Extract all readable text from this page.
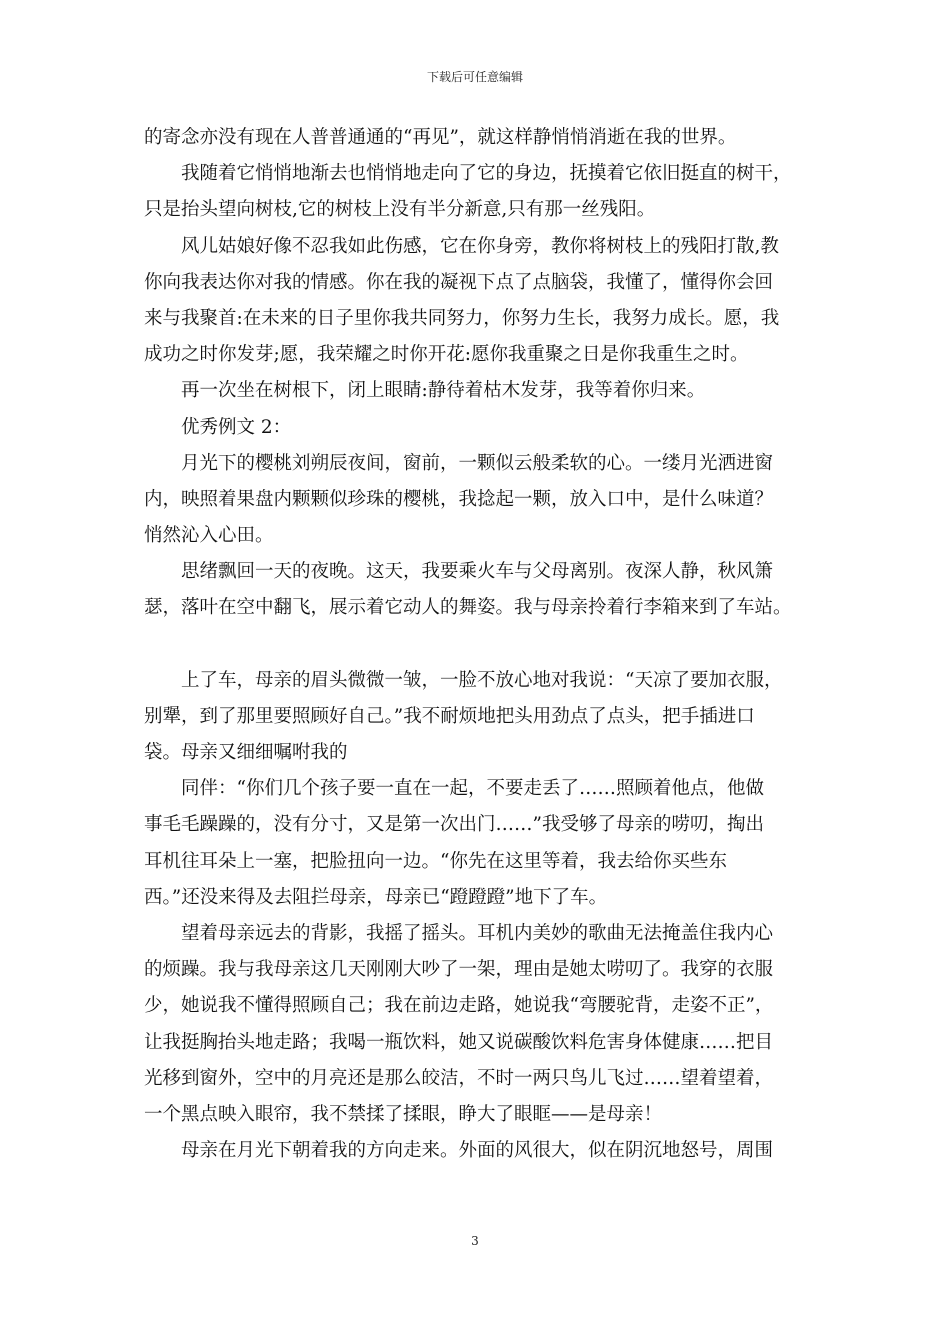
下载后可任意编辑
的寄念亦没有现在人普普通通的“再见”，就这样静悄悄消逝在我的世界。
　　我随着它悄悄地渐去也悄悄地走向了它的身边，抚摸着它依旧挺直的树干，
只是抬头望向树枝,它的树枝上没有半分新意,只有那一丝残阳。
　　风儿姑娘好像不忍我如此伤感，它在你身旁，教你将树枝上的残阳打散,教
你向我表达你对我的情感。你在我的凝视下点了点脑袋，我懂了，懂得你会回
来与我聚首:在未来的日子里你我共同努力，你努力生长，我努力成长。愿，我
成功之时你发芽;愿，我荣耀之时你开花:愿你我重聚之日是你我重生之时。
　　再一次坐在树根下，闭上眼睛:静待着枯木发芽，我等着你归来。
　　优秀例文 2：
　　月光下的樱桃刘朔辰夜间，窗前，一颗似云般柔软的心。一缕月光洒进窗
内，映照着果盘内颗颗似珍珠的樱桃，我捻起一颗，放入口中，是什么味道？
悄然沁入心田。
　　思绪飘回一天的夜晚。这天，我要乘火车与父母离别。夜深人静，秋风箫
瑟，落叶在空中翻飞，展示着它动人的舞姿。我与母亲拎着行李箱来到了车站。
　　上了车，母亲的眉头微微一皱，一脸不放心地对我说：“天凉了要加衣服，
别犟，到了那里要照顾好自己。”我不耐烦地把头用劲点了点头，把手插进口
袋。母亲又细细嘱咐我的
　　同伴：“你们几个孩子要一直在一起，不要走丢了……照顾着他点，他做
事毛毛躁躁的，没有分寸，又是第一次出门……”我受够了母亲的唠叨，掏出
耳机往耳朵上一塞，把脸扭向一边。“你先在这里等着，我去给你买些东
西。”还没来得及去阻拦母亲，母亲已“蹬蹬蹬”地下了车。
　　望着母亲远去的背影，我摇了摇头。耳机内美妙的歌曲无法掩盖住我内心
的烦躁。我与我母亲这几天刚刚大吵了一架，理由是她太唠叨了。我穿的衣服
少，她说我不懂得照顾自己；我在前边走路，她说我“弯腰驼背，走姿不正”，
让我挺胸抬头地走路；我喝一瓶饮料，她又说碳酸饮料危害身体健康……把目
光移到窗外，空中的月亮还是那么皎洁，不时一两只鸟儿飞过……望着望着，
一个黑点映入眼帘，我不禁揉了揉眼，睁大了眼眶——是母亲！
　　母亲在月光下朝着我的方向走来。外面的风很大，似在阴沉地怒号，周围
3
